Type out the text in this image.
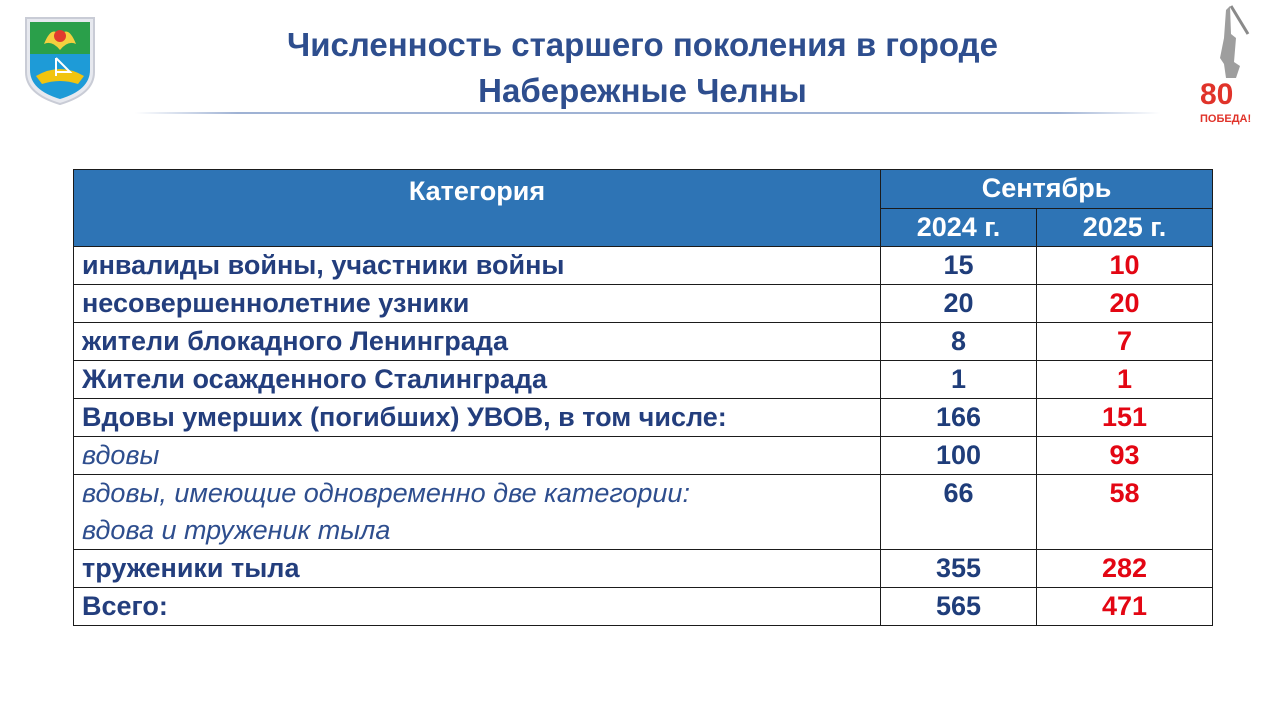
Численность старшего поколения в городе
Набережные Челны	80
ПОБЕДА!
Категория	Сентябрь	
	2024 г.	2025 г.
инвалиды войны, участники войны	15	10
несовершеннолетние узники	20	20
жители блокадного Ленинграда	8	7
Жители осажденного Сталинграда	1	1
Вдовы умерших (погибших) УВОВ, в том числе:	166	151
вдовы	100	93

вдовы, имеющие одновременно две категории:
вдова и труженик тыла	66	58
труженики тыла	355	282
Всего:	565	471
